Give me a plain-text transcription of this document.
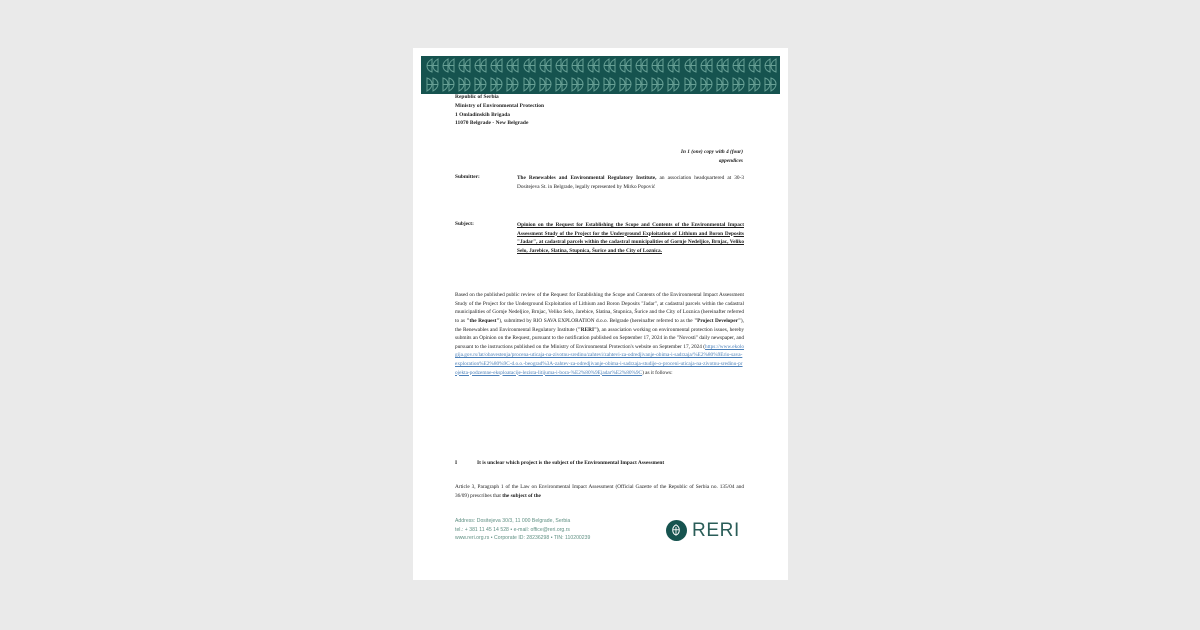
Republic of Serbia
Ministry of Environmental Protection
1 Omladinskih Brigada
11070 Belgrade - New Belgrade
In 1 (one) copy with 4 (four)
appendices
Submitter:	The Renewables and Environmental Regulatory Institute, an association headquartered at 30-3 Dositejeva St. in Belgrade, legally represented by Mirko Popović
Subject:	Opinion on the Request for Establishing the Scope and Contents of the Environmental Impact Assessment Study of the Project for the Underground Exploitation of Lithium and Boron Deposits "Jadar", at cadastral parcels within the cadastral municipalities of Gornje Nedeljice, Brnjac, Veliko Selo, Jarebice, Slatina, Stupnica, Šurice and the City of Loznica.
Based on the published public review of the Request for Establishing the Scope and Contents of the Environmental Impact Assessment Study of the Project for the Underground Exploitation of Lithium and Boron Deposits "Jadar", at cadastral parcels within the cadastral municipalities of Gornje Nedeljice, Brnjac, Veliko Selo, Jarebice, Slatina, Stupnica, Šurice and the City of Loznica (hereinafter referred to as "the Request"), submitted by RIO SAVA EXPLORATION d.o.o. Belgrade (hereinafter referred to as the "Project Developer"), the Renewables and Environmental Regulatory Institute ("RERI"), an association working on environmental protection issues, hereby submits an Opinion on the Request, pursuant to the notification published on September 17, 2024 in the "Novosti" daily newspaper, and pursuant to the instructions published on the Ministry of Environmental Protection's website on September 17, 2024 (https://www.ekologija.gov.rs/lat/obavestenja/procena-uticaja-na-zivotnu-sredinu/zahtevi/zahtevi-za-odredjivanje-obima-i-sadrzaja/%E2%80%9Erio-sava-exploration%E2%80%9C-d.o.o.-beograd%3A-zahtev-za-odredjivanje-obima-i-sadrzaja-studije-o-proceni-uticaja-na-zivotnu-sredinu-projekta-podzemne-eksploatacije-lezista-litijuma-i-bora-%E2%80%9Ejadar%E2%80%9C) as it follows:
I	It is unclear which project is the subject of the Environmental Impact Assessment
Article 3, Paragraph 1 of the Law on Environmental Impact Assessment (Official Gazette of the Republic of Serbia no. 135/04 and 36/09) prescribes that the subject of the
Address: Dositejeva 30/3, 11 000 Belgrade, Serbia
tel.: + 381 11 45 14 528 • e-mail: office@reri.org.rs
www.reri.org.rs • Corporate ID: 28236298 • TIN: 110200239	RERI
